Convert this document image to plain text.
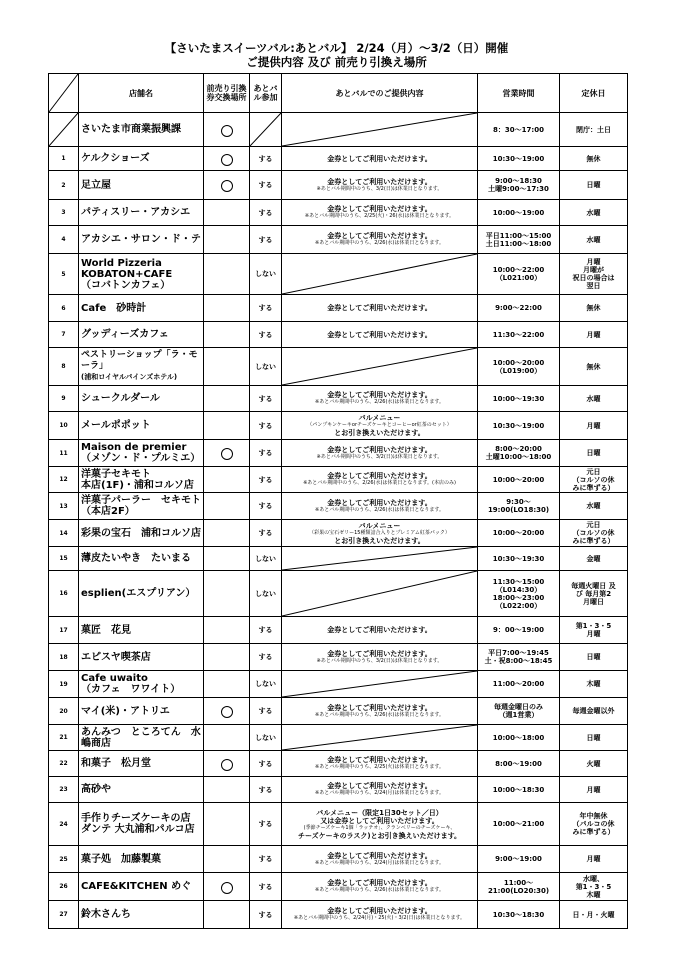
【さいたまスイーツバル:あとバル】 2/24（月）～3/2（日）開催
ご提供内容 及び 前売り引換え場所
	店舗名	前売り引換券交換場所	あとバル参加	あとバルでのご提供内容	営業時間	定休日

さいたま市商業振興課				8：30～17:00	閉庁：土日

1	ケルクショーズ		する	金券としてご利用いただけます。	10:30～19:00	無休

2	足立屋		する	金券としてご利用いただけます。
※あとバル期間中のうち、3/2(日)は休業日となります。	9:00～18:30
土曜9:00～17:30	日曜

3	パティスリー・アカシエ		する	金券としてご利用いただけます。
※あとバル期間中のうち、2/25(火)・26(水)は休業日となります。	10:00～19:00	水曜

4	アカシエ・サロン・ド・テ		する	金券としてご利用いただけます。
※あとバル期間中のうち、2/26(水)は休業日となります。	平日11:00～15:00
土日11:00～18:00	水曜

5	World Pizzeria
KOBATON+CAFE
（コバトンカフェ）		しない		10:00～22:00
（L021:00）	月曜
月曜が
祝日の場合は
翌日

6	Cafe　砂時計		する	金券としてご利用いただけます。	9:00～22:00	無休

7	グッディーズカフェ		する	金券としてご利用いただけます。	11:30～22:00	月曜

8	ペストリーショップ「ラ・モーラ」
(浦和ロイヤルパインズホテル)		しない		10:00～20:00
（L019:00）	無休

9	シュークルダール		する	金券としてご利用いただけます。
※あとバル期間中のうち、2/26(水)は休業日となります。	10:00～19:30	水曜

10	メールポポット		する	バルメニュー
（パンプキンケーキorチーズケーキとコーヒーor紅茶のセット）
とお引き換えいただけます。	10:30～19:00	月曜

11	Maison de premier
（メゾン・ド・プルミエ）		する	金券としてご利用いただけます。
※あとバル期間中のうち、3/2(日)は休業日となります。	8:00～20:00
土曜10:00～18:00	日曜

12	洋菓子セキモト
本店(1F)・浦和コルソ店		する	金券としてご利用いただけます。
※あとバル期間中のうち、2/26(水)は休業日となります。(本店のみ)	10:00～20:00	元日
（コルソの休
みに準ずる）

13	洋菓子パーラー　セキモト
（本店2F）		する	金券としてご利用いただけます。
※あとバル期間中のうち、2/26(水)は休業日となります。	9:30～
19:00(LO18:30)	水曜

14	彩果の宝石　浦和コルソ店		する	バルメニュー
（彩果の宝石ゼリー15種類詰合入りとプレミアム紅茶パック）
とお引き換えいただけます。	10:00～20:00	元日
（コルソの休
みに準ずる）

15	薄皮たいやき　たいまる		しない		10:30～19:30	金曜

16	esplien(エスプリアン）		しない		11:30～15:00
（L014:30）
18:00～23:00
（L022:00）	毎週火曜日 及
び 毎月第2
月曜日

17	菓匠　花見		する	金券としてご利用いただけます。	9：00～19:00	第1・3・5
月曜

18	エピスヤ喫茶店		する	金券としてご利用いただけます。
※あとバル期間中のうち、3/2(日)は休業日となります。	平日7:00～19:45
土・祝8:00～18:45	日曜

19	Cafe uwaito
（カフェ　ワワイト）		しない		11:00～20:00	木曜

20	マイ(米)・アトリエ		する	金券としてご利用いただけます。
※あとバル期間中のうち、2/26(水)は休業日となります。	毎週金曜日のみ
（週1営業）	毎週金曜以外

21	あんみつ　ところてん　水嶋商店		しない		10:00～18:00	日曜

22	和菓子　松月堂		する	金券としてご利用いただけます。
※あとバル期間中のうち、2/25(火)は休業日となります。	8:00～19:00	火曜

23	高砂や		する	金券としてご利用いただけます。
※あとバル期間中のうち、2/24(月)は休業日となります。	10:00～18:30	月曜

24	手作りチーズケーキの店
ダンテ 大丸浦和パルコ店		する	バルメニュー（限定1日30セット／日）
又は金券としてご利用いただけます。
(季節チーズケーキ1個「ラッテオ」、クランベリーのチーズケーキ、
チーズケーキのラスク)とお引き換えいただけます。	10:00～21:00	年中無休
（パルコの休
みに準ずる）

25	菓子処　加藤製菓		する	金券としてご利用いただけます。
※あとバル期間中のうち、2/24(月)は休業日となります。	9:00～19:00	月曜

26	CAFE&KITCHEN めぐ		する	金券としてご利用いただけます。
※あとバル期間中のうち、2/26(水)は休業日となります。	11:00～
21:00(LO20:30)	水曜、
第1・3・5
木曜

27	鈴木さんち		する	金券としてご利用いただけます。
※あとバル期間中のうち、2/24(月)・25(火)・3/2(日)は休業日となります。	10:30～18:30	日・月・火曜
